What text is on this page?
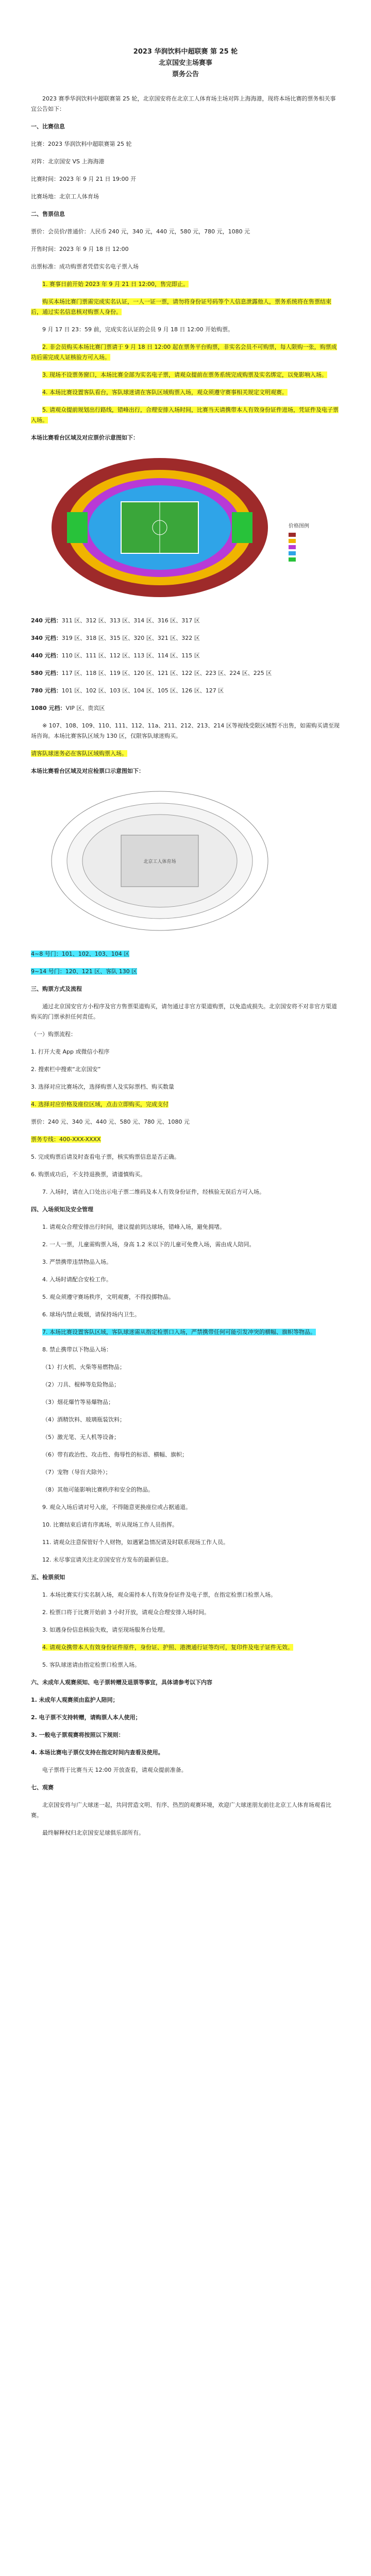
2023 华润饮料中超联赛 第 25 轮
北京国安主场赛事
票务公告

2023 赛季华润饮料中超联赛第 25 轮，北京国安将在北京工人体育场主场对阵上海海港，现将本场比赛的票务相关事宜公告如下：

一、比赛信息

比赛：2023 华润饮料中超联赛第 25 轮

对阵：北京国安 VS 上海海港

比赛时间：2023 年 9 月 21 日 19:00 开

比赛场地：北京工人体育场

二、售票信息

票价：会员价/普通价：人民币 240 元，340 元，440 元，580 元，780 元，1080 元

开售时间：2023 年 9 月 18 日 12:00

出票标准：成功购票者凭借实名电子票入场

1. 赛事日前开始 2023 年 9 月 21 日 12:00，售完即止。

购买本场比赛门票需完成实名认证，一人一证一票，请勿将身份证号码等个人信息泄露他人，票务系统将在售票结束后，通过实名信息核对购票人身份。

9 月 17 日 23：59 前，完成实名认证的会员 9 月 18 日 12:00 开始购票。

2. 非会员购买本场比赛门票请于 9 月 18 日 12:00 起在票务平台购票，非实名会员不可购票，每人限购一张，购票成功后需完成人证核验方可入场。

3. 现场不设票务窗口，本场比赛全部为实名电子票，请观众提前在票务系统完成购票及实名绑定，以免影响入场。

4. 本场比赛设置客队看台，客队球迷请在客队区域购票入场，观众须遵守赛事相关规定文明观赛。

5. 请观众提前规划出行路线，错峰出行，合理安排入场时间，比赛当天请携带本人有效身份证件进场，凭证件及电子票入场。

本场比赛看台区域及对应票价示意图如下：

价格图例

240 元档：311 区、312 区、313 区、314 区、316 区、317 区

340 元档：319 区、318 区、315 区、320 区、321 区、322 区

440 元档：110 区、111 区、112 区、113 区、114 区、115 区

580 元档：117 区、118 区、119 区、120 区、121 区、122 区、223 区、224 区、225 区

780 元档：101 区、102 区、103 区、104 区、105 区、126 区、127 区

1080 元档：VIP 区、贵宾区

※ 107、108、109、110、111、112、11a、211、212、213、214 区等视线受限区域暂不出售，如需购买请至现场咨询。本场比赛客队区域为 130 区，仅限客队球迷购买。

请客队球迷务必在客队区域购票入场。

本场比赛看台区域及对应检票口示意图如下：

北京工人体育场

4~8 号门：101、102、103、104 区

9~14 号门：120、121 区、客队 130 区

三、购票方式及流程

通过北京国安官方小程序及官方售票渠道购买，请勿通过非官方渠道购票，以免造成损失。北京国安将不对非官方渠道购买的门票承担任何责任。

（一）购票流程：

1. 打开大麦 App 或微信小程序

2. 搜索栏中搜索“北京国安”

3. 选择对应比赛场次，选择购票人及实际票档、购买数量

4. 选择对应价格及座位区域，点击立即购买，完成支付

票价：240 元、340 元、440 元、580 元、780 元、1080 元

票务专线：400-XXX-XXXX

5. 完成购票后请及时查看电子票，核实购票信息是否正确。

6. 购票成功后，不支持退换票，请谨慎购买。

7. 入场时，请在入口处出示电子票二维码及本人有效身份证件，经核验无误后方可入场。

四、入场须知及安全管理

1. 请观众合理安排出行时间，建议提前到达球场，错峰入场，避免拥堵。

2. 一人一票，儿童需购票入场，身高 1.2 米以下的儿童可免费入场，需由成人陪同。

3. 严禁携带违禁物品入场。

4. 入场时请配合安检工作。

5. 观众须遵守赛场秩序，文明观赛，不得投掷物品。

6. 球场内禁止吸烟，请保持场内卫生。

7. 本场比赛设置客队区域，客队球迷需从指定检票口入场，严禁携带任何可能引发冲突的横幅、旗帜等物品。

8. 禁止携带以下物品入场：

（1）打火机、火柴等易燃物品；

（2）刀具、棍棒等危险物品；

（3）烟花爆竹等易爆物品；

（4）酒精饮料、玻璃瓶装饮料；

（5）激光笔、无人机等设备；

（6）带有政治性、攻击性、侮辱性的标语、横幅、旗帜；

（7）宠物（导盲犬除外）；

（8）其他可能影响比赛秩序和安全的物品。

9. 观众入场后请对号入座，不得随意更换座位或占据通道。

10. 比赛结束后请有序离场，听从现场工作人员指挥。

11. 请观众注意保管好个人财物，如遇紧急情况请及时联系现场工作人员。

12. 未尽事宜请关注北京国安官方发布的最新信息。

五、检票须知

1. 本场比赛实行实名制入场，观众需持本人有效身份证件及电子票，在指定检票口检票入场。

2. 检票口将于比赛开始前 3 小时开放，请观众合理安排入场时间。

3. 如遇身份信息核验失败，请至现场服务台处理。

4. 请观众携带本人有效身份证件原件，身份证、护照、港澳通行证等均可，复印件及电子证件无效。

5. 客队球迷请由指定检票口检票入场。

六、未成年人观赛须知、电子票转赠及退票等事宜，具体请参考以下内容

1. 未成年人观赛须由监护人陪同；

2. 电子票不支持转赠，请购票人本人使用；

3. 一般电子票观赛将按照以下规则：

4. 本场比赛电子票仅支持在指定时间内查看及使用。

电子票将于比赛当天 12:00 开放查看，请观众提前准备。

七、观赛

北京国安将与广大球迷一起，共同营造文明、有序、热烈的观赛环境，欢迎广大球迷朋友前往北京工人体育场观看比赛。

最终解释权归北京国安足球俱乐部所有。
